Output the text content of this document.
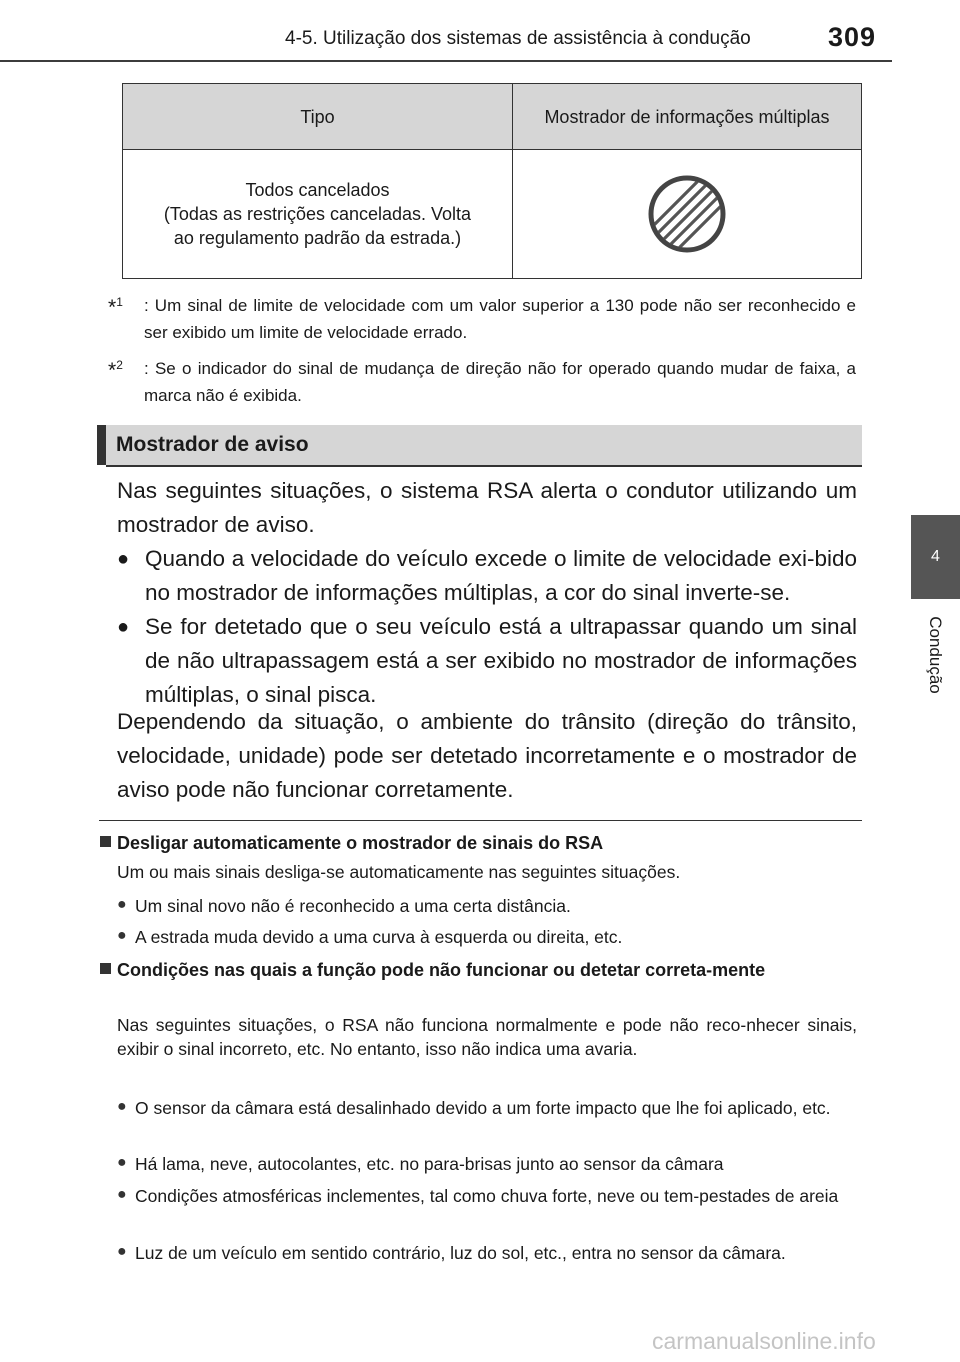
4-5. Utilização dos sistemas de assistência à condução	309
4
Condução
Tipo	Mostrador de informações múltiplas
Todos cancelados
(Todas as restrições canceladas. Volta
ao regulamento padrão da estrada.)
*$^1$ : Um sinal de limite de velocidade com um valor superior a 130 pode não ser reconhecido e ser exibido um limite de velocidade errado.
*$^2$ : Se o indicador do sinal de mudança de direção não for operado quando mudar de faixa, a marca não é exibida.
Mostrador de aviso
Nas seguintes situações, o sistema RSA alerta o condutor utilizando um mostrador de aviso.
● Quando a velocidade do veículo excede o limite de velocidade exi-bido no mostrador de informações múltiplas, a cor do sinal inverte-se.
● Se for detetado que o seu veículo está a ultrapassar quando um sinal de não ultrapassagem está a ser exibido no mostrador de informações múltiplas, o sinal pisca.
Dependendo da situação, o ambiente do trânsito (direção do trânsito, velocidade, unidade) pode ser detetado incorretamente e o mostrador de aviso pode não funcionar corretamente.
Desligar automaticamente o mostrador de sinais do RSA
Um ou mais sinais desliga-se automaticamente nas seguintes situações.
● Um sinal novo não é reconhecido a uma certa distância.
● A estrada muda devido a uma curva à esquerda ou direita, etc.
Condições nas quais a função pode não funcionar ou detetar correta-mente
Nas seguintes situações, o RSA não funciona normalmente e pode não reco-nhecer sinais, exibir o sinal incorreto, etc. No entanto, isso não indica uma avaria.
● O sensor da câmara está desalinhado devido a um forte impacto que lhe foi aplicado, etc.
● Há lama, neve, autocolantes, etc. no para-brisas junto ao sensor da câmara
● Condições atmosféricas inclementes, tal como chuva forte, neve ou tem-pestades de areia
● Luz de um veículo em sentido contrário, luz do sol, etc., entra no sensor da câmara.
carmanualsonline.info
